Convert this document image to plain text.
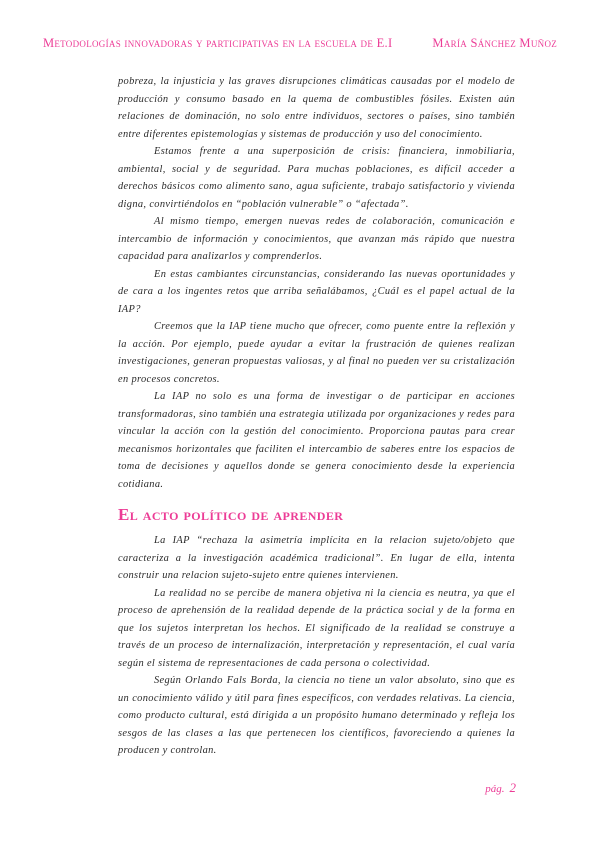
Metodologías innovadoras y participativas en la escuela de E.I	María Sánchez Muñoz

pobreza, la injusticia y las graves disrupciones climáticas causadas por el modelo de producción y consumo basado en la quema de combustibles fósiles. Existen aún relaciones de dominación, no solo entre individuos, sectores o países, sino también entre diferentes epistemologías y sistemas de producción y uso del conocimiento.

Estamos frente a una superposición de crisis: financiera, inmobiliaria, ambiental, social y de seguridad. Para muchas poblaciones, es difícil acceder a derechos básicos como alimento sano, agua suficiente, trabajo satisfactorio y vivienda digna, convirtiéndolos en “población vulnerable” o “afectada”.

Al mismo tiempo, emergen nuevas redes de colaboración, comunicación e intercambio de información y conocimientos, que avanzan más rápido que nuestra capacidad para analizarlos y comprenderlos.

En estas cambiantes circunstancias, considerando las nuevas oportunidades y de cara a los ingentes retos que arriba señalábamos, ¿Cuál es el papel actual de la IAP?

Creemos que la IAP tiene mucho que ofrecer, como puente entre la reflexión y la acción. Por ejemplo, puede ayudar a evitar la frustración de quienes realizan investigaciones, generan propuestas valiosas, y al final no pueden ver su cristalización en procesos concretos.

La IAP no solo es una forma de investigar o de participar en acciones transformadoras, sino también una estrategia utilizada por organizaciones y redes para vincular la acción con la gestión del conocimiento. Proporciona pautas para crear mecanismos horizontales que faciliten el intercambio de saberes entre los espacios de toma de decisiones y aquellos donde se genera conocimiento desde la experiencia cotidiana.

El acto político de aprender

La IAP “rechaza la asimetría implícita en la relacion sujeto/objeto que caracteriza a la investigación académica tradicional”. En lugar de ella, intenta construir una relacion sujeto-sujeto entre quienes intervienen.

La realidad no se percibe de manera objetiva ni la ciencia es neutra, ya que el proceso de aprehensión de la realidad depende de la práctica social y de la forma en que los sujetos interpretan los hechos. El significado de la realidad se construye a través de un proceso de internalización, interpretación y representación, el cual varía según el sistema de representaciones de cada persona o colectividad.

Según Orlando Fals Borda, la ciencia no tiene un valor absoluto, sino que es un conocimiento válido y útil para fines específicos, con verdades relativas. La ciencia, como producto cultural, está dirigida a un propósito humano determinado y refleja los sesgos de las clases a las que pertenecen los científicos, favoreciendo a quienes la producen y controlan.

pág. 2
